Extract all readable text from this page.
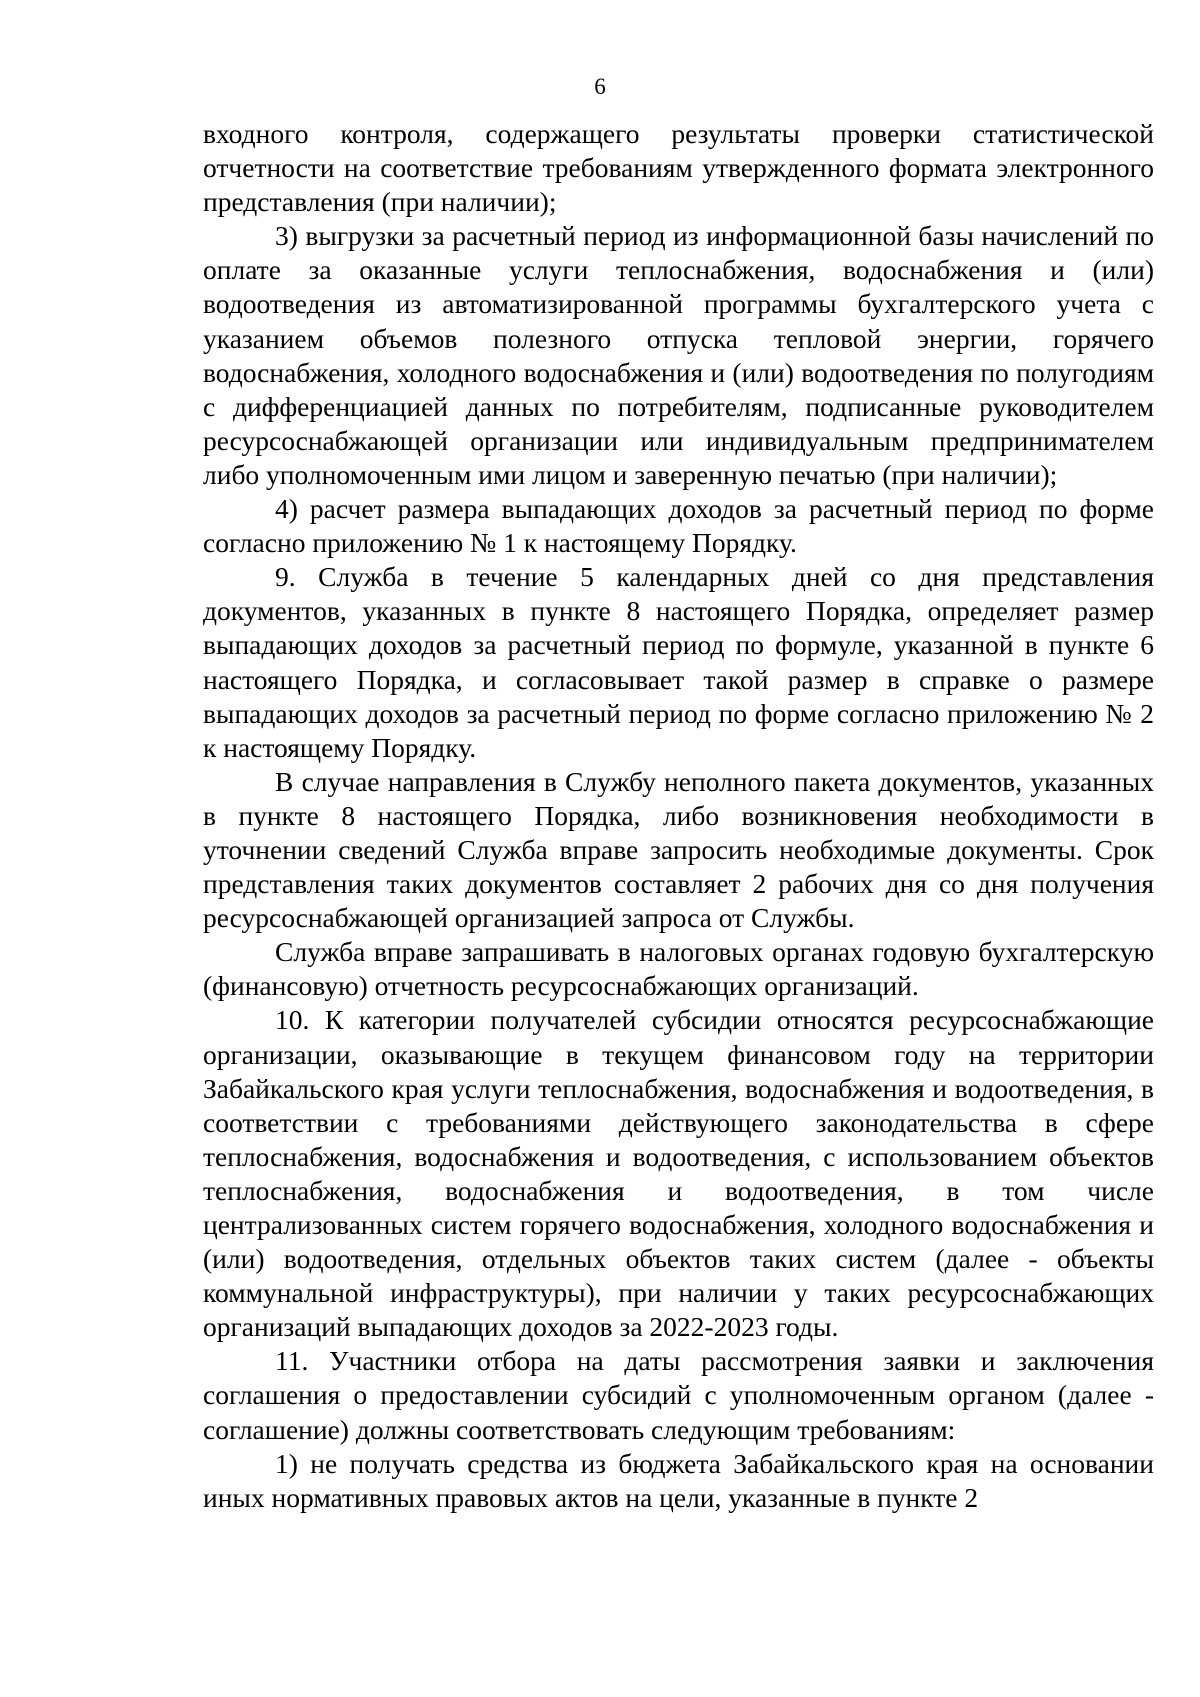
6

входного контроля, содержащего результаты проверки статистической отчетности на соответствие требованиям утвержденного формата электронного представления (при наличии);

3) выгрузки за расчетный период из информационной базы начислений по оплате за оказанные услуги теплоснабжения, водоснабжения и (или) водоотведения из автоматизированной программы бухгалтерского учета с указанием объемов полезного отпуска тепловой энергии, горячего водоснабжения, холодного водоснабжения и (или) водоотведения по полугодиям с дифференциацией данных по потребителям, подписанные руководителем ресурсоснабжающей организации или индивидуальным предпринимателем либо уполномоченным ими лицом и заверенную печатью (при наличии);

4) расчет размера выпадающих доходов за расчетный период по форме согласно приложению № 1 к настоящему Порядку.

9. Служба в течение 5 календарных дней со дня представления документов, указанных в пункте 8 настоящего Порядка, определяет размер выпадающих доходов за расчетный период по формуле, указанной в пункте 6 настоящего Порядка, и согласовывает такой размер в справке о размере выпадающих доходов за расчетный период по форме согласно приложению № 2 к настоящему Порядку.

В случае направления в Службу неполного пакета документов, указанных в пункте 8 настоящего Порядка, либо возникновения необходимости в уточнении сведений Служба вправе запросить необходимые документы. Срок представления таких документов составляет 2 рабочих дня со дня получения ресурсоснабжающей организацией запроса от Службы.

Служба вправе запрашивать в налоговых органах годовую бухгалтерскую (финансовую) отчетность ресурсоснабжающих организаций.

10. К категории получателей субсидии относятся ресурсоснабжающие организации, оказывающие в текущем финансовом году на территории Забайкальского края услуги теплоснабжения, водоснабжения и водоотведения, в соответствии с требованиями действующего законодательства в сфере теплоснабжения, водоснабжения и водоотведения, с использованием объектов теплоснабжения, водоснабжения и водоотведения, в том числе централизованных систем горячего водоснабжения, холодного водоснабжения и (или) водоотведения, отдельных объектов таких систем (далее - объекты коммунальной инфраструктуры), при наличии у таких ресурсоснабжающих организаций выпадающих доходов за 2022-2023 годы.

11. Участники отбора на даты рассмотрения заявки и заключения соглашения о предоставлении субсидий с уполномоченным органом (далее - соглашение) должны соответствовать следующим требованиям:

1) не получать средства из бюджета Забайкальского края на основании иных нормативных правовых актов на цели, указанные в пункте 2
